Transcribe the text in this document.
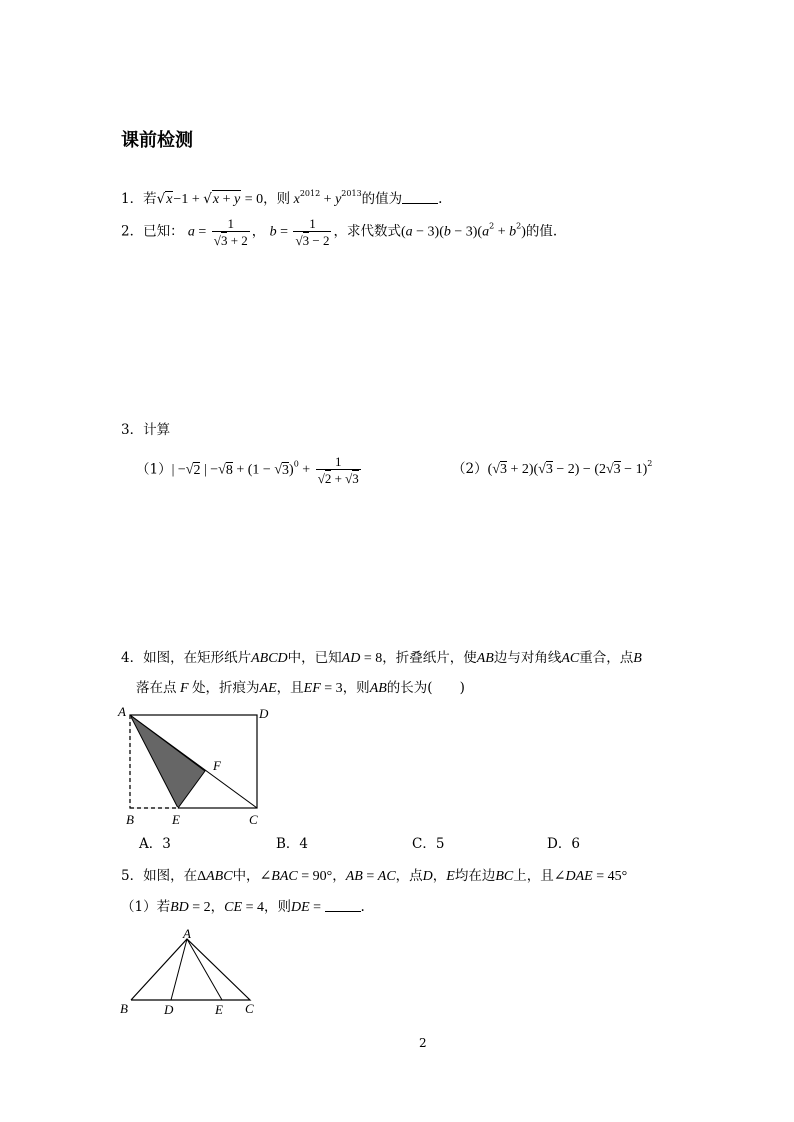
课前检测
1．若√x−1 + √x + y = 0，则 $x^{2012} + y^{2013}$的值为	.
2．已知： $a = \frac{1}{√3 + 2}$ ， $b = \frac{1}{√3 - 2}$ ，求代数式$(a - 3)(b - 3)(a^2 + b^2)$的值.
3．计算
（1）| −√2 | $-√8 + (1 - √3)^0 + \frac{1}{√2 + √3}$	$(2)(√3 + 2)(√3 - 2) - (2√3 - 1)^2$
4．如图，在矩形纸片ABCD中，已知AD = 8，折叠纸片，使AB边与对角线AC重合，点B
落在点 F 处，折痕为AE，且EF = 3，则AB的长为(　　)
A	D
F
B	E	C
A．3	B．4	C．5	D．6
5．如图，在ΔABC中，∠BAC = 90°，AB = AC，点D，E均在边BC上，且∠DAE = 45°
（1）若BD = 2，CE = 4，则DE =	.
A
B	D	E C
2
